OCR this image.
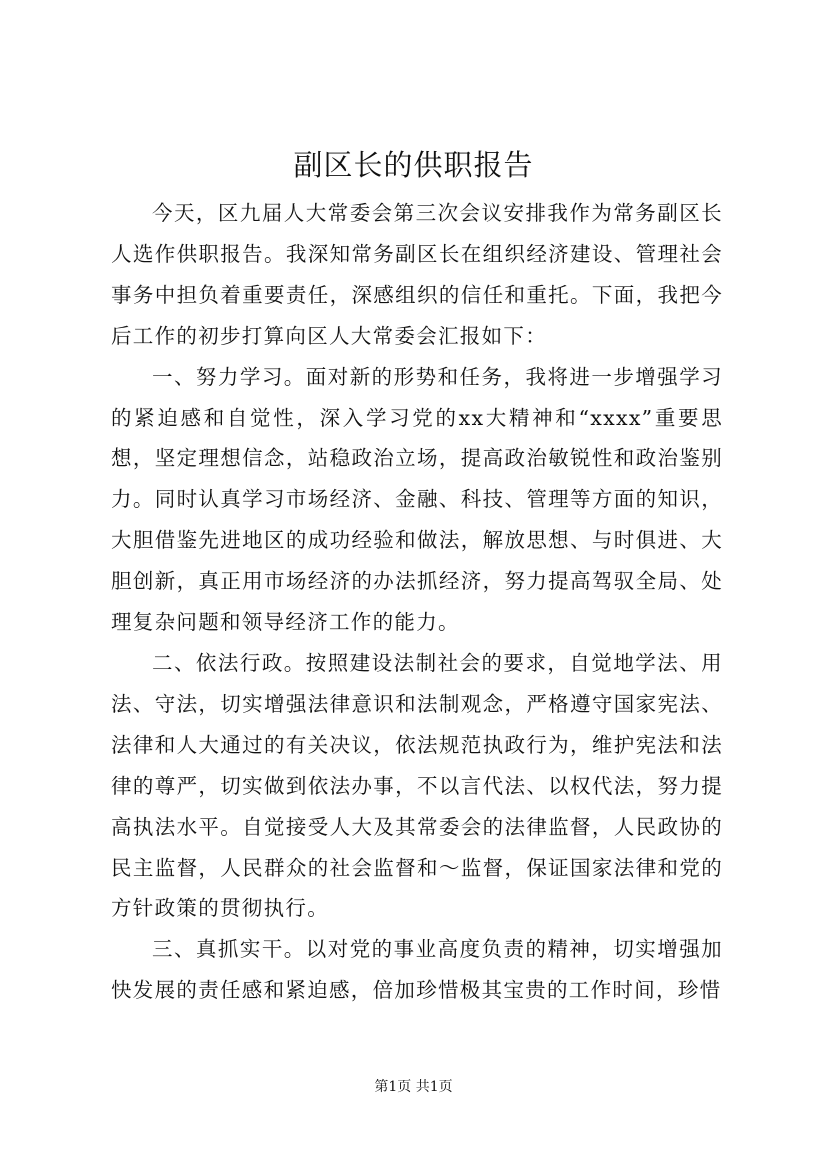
副区长的供职报告

今天，区九届人大常委会第三次会议安排我作为常务副区长人选作供职报告。我深知常务副区长在组织经济建设、管理社会事务中担负着重要责任，深感组织的信任和重托。下面，我把今后工作的初步打算向区人大常委会汇报如下：

一、努力学习。面对新的形势和任务，我将进一步增强学习的紧迫感和自觉性，深入学习党的xx大精神和“xxxx”重要思想，坚定理想信念，站稳政治立场，提高政治敏锐性和政治鉴别力。同时认真学习市场经济、金融、科技、管理等方面的知识，大胆借鉴先进地区的成功经验和做法，解放思想、与时俱进、大胆创新，真正用市场经济的办法抓经济，努力提高驾驭全局、处理复杂问题和领导经济工作的能力。

二、依法行政。按照建设法制社会的要求，自觉地学法、用法、守法，切实增强法律意识和法制观念，严格遵守国家宪法、法律和人大通过的有关决议，依法规范执政行为，维护宪法和法律的尊严，切实做到依法办事，不以言代法、以权代法，努力提高执法水平。自觉接受人大及其常委会的法律监督，人民政协的民主监督，人民群众的社会监督和～监督，保证国家法律和党的方针政策的贯彻执行。

三、真抓实干。以对党的事业高度负责的精神，切实增强加快发展的责任感和紧迫感，倍加珍惜极其宝贵的工作时间，珍惜

第1页 共1页
